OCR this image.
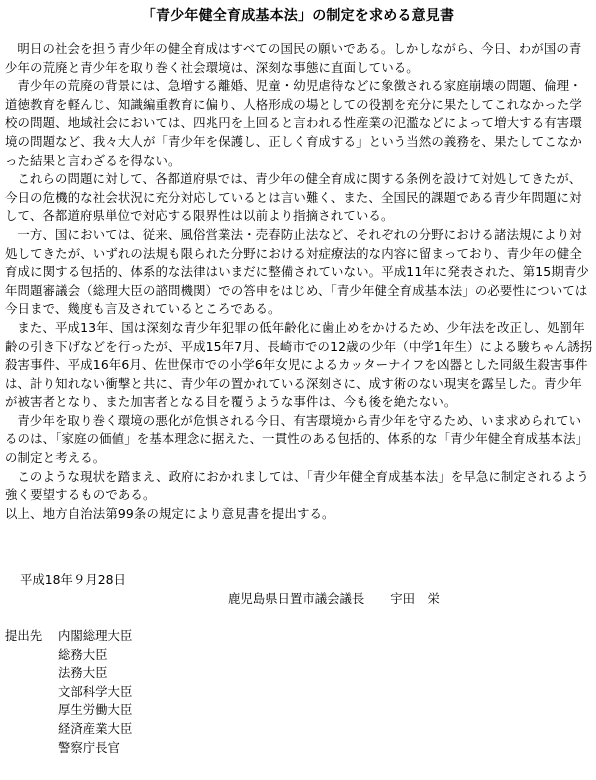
「青少年健全育成基本法」の制定を求める意見書

明日の社会を担う青少年の健全育成はすべての国民の願いである。しかしながら、今日、わが国の青少年の荒廃と青少年を取り巻く社会環境は、深刻な事態に直面している。

青少年の荒廃の背景には、急増する離婚、児童・幼児虐待などに象徴される家庭崩壊の問題、倫理・道徳教育を軽んじ、知識編重教育に偏り、人格形成の場としての役割を充分に果たしてこれなかった学校の問題、地域社会においては、四兆円を上回ると言われる性産業の氾濫などによって増大する有害環境の問題など、我々大人が「青少年を保護し、正しく育成する」という当然の義務を、果たしてこなかった結果と言わざるを得ない。

これらの問題に対して、各都道府県では、青少年の健全育成に関する条例を設けて対処してきたが、今日の危機的な社会状況に充分対応しているとは言い難く、また、全国民的課題である青少年問題に対して、各都道府県単位で対応する限界性は以前より指摘されている。

一方、国においては、従来、風俗営業法・売春防止法など、それぞれの分野における諸法規により対処してきたが、いずれの法規も限られた分野における対症療法的な内容に留まっており、青少年の健全育成に関する包括的、体系的な法律はいまだに整備されていない。平成11年に発表された、第15期青少年問題審議会（総理大臣の諮問機関）での答申をはじめ、「青少年健全育成基本法」の必要性については今日まで、幾度も言及されているところである。

また、平成13年、国は深刻な青少年犯罪の低年齢化に歯止めをかけるため、少年法を改正し、処罰年齢の引き下げなどを行ったが、平成15年7月、長崎市での12歳の少年（中学1年生）による駿ちゃん誘拐殺害事件、平成16年6月、佐世保市での小学6年女児によるカッターナイフを凶器とした同級生殺害事件は、計り知れない衝撃と共に、青少年の置かれている深刻さに、成す術のない現実を露呈した。青少年が被害者となり、また加害者となる目を覆うような事件は、今も後を絶たない。

青少年を取り巻く環境の悪化が危惧される今日、有害環境から青少年を守るため、いま求められているのは、「家庭の価値」を基本理念に据えた、一貫性のある包括的、体系的な「青少年健全育成基本法」の制定と考える。

このような現状を踏まえ、政府におかれましては、「青少年健全育成基本法」を早急に制定されるよう強く要望するものである。

以上、地方自治法第99条の規定により意見書を提出する。

平成18年９月28日
鹿児島県日置市議会議長 宇田　栄
提出先	内閣総理大臣
総務大臣
法務大臣
文部科学大臣
厚生労働大臣
経済産業大臣
警察庁長官
